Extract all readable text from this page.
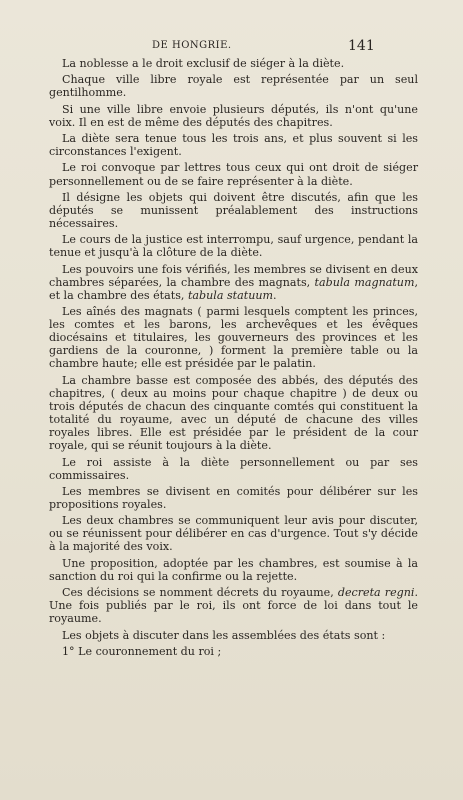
DE HONGRIE.	141

La noblesse a le droit exclusif de siéger à la diète.

Chaque ville libre royale est représentée par un seul gentilhomme.

Si une ville libre envoie plusieurs députés, ils n'ont qu'une voix. Il en est de même des députés des chapitres.

La diète sera tenue tous les trois ans, et plus souvent si les circonstances l'exigent.

Le roi convoque par lettres tous ceux qui ont droit de siéger personnellement ou de se faire représenter à la diète.

Il désigne les objets qui doivent être discutés, afin que les députés se munissent préalablement des instructions nécessaires.

Le cours de la justice est interrompu, sauf urgence, pendant la tenue et jusqu'à la clôture de la diète.

Les pouvoirs une fois vérifiés, les membres se divisent en deux chambres séparées, la chambre des magnats, tabula magnatum, et la chambre des états, tabula statuum.

Les aînés des magnats ( parmi lesquels comptent les princes, les comtes et les barons, les archevêques et les évêques diocésains et titulaires, les gouverneurs des provinces et les gardiens de la couronne, ) forment la première table ou la chambre haute; elle est présidée par le palatin.

La chambre basse est composée des abbés, des députés des chapitres, ( deux au moins pour chaque chapitre ) de deux ou trois députés de chacun des cinquante comtés qui constituent la totalité du royaume, avec un député de chacune des villes royales libres. Elle est présidée par le président de la cour royale, qui se réunit toujours à la diète.

Le roi assiste à la diète personnellement ou par ses commissaires.

Les membres se divisent en comités pour délibérer sur les propositions royales.

Les deux chambres se communiquent leur avis pour discuter, ou se réunissent pour délibérer en cas d'urgence. Tout s'y décide à la majorité des voix.

Une proposition, adoptée par les chambres, est soumise à la sanction du roi qui la confirme ou la rejette.

Ces décisions se nomment décrets du royaume, decreta regni. Une fois publiés par le roi, ils ont force de loi dans tout le royaume.

Les objets à discuter dans les assemblées des états sont :

1° Le couronnement du roi ;
